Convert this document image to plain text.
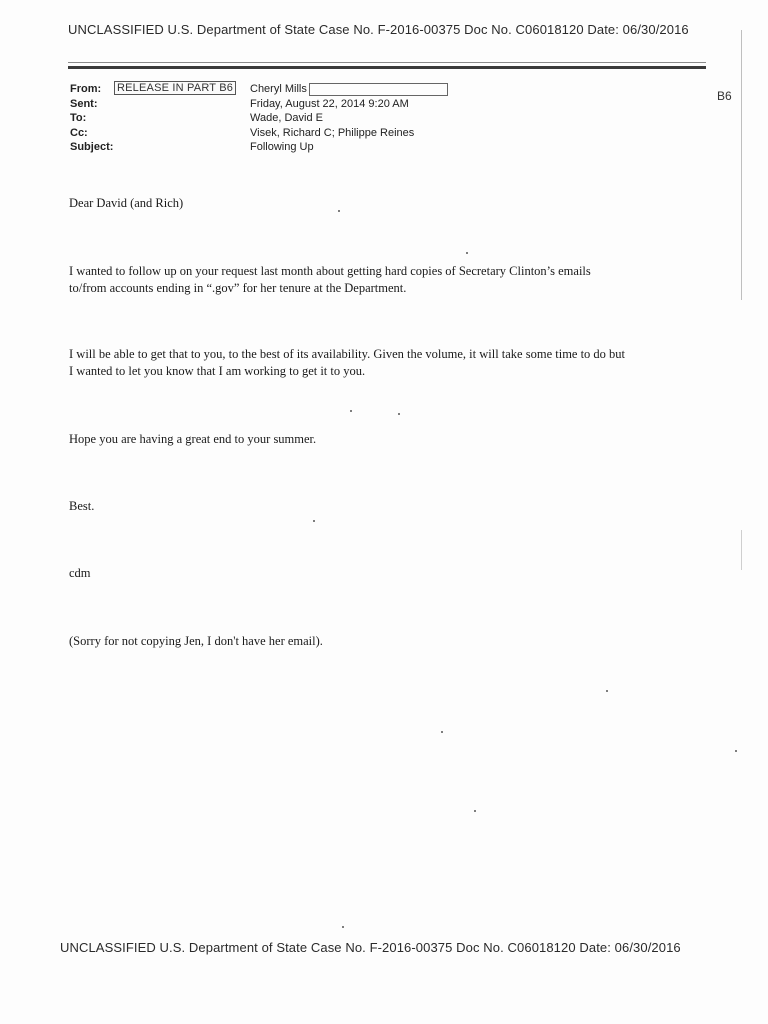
UNCLASSIFIED U.S. Department of State Case No. F-2016-00375 Doc No. C06018120 Date: 06/30/2016
From: RELEASE IN PART B6 Cheryl Mills
Sent:	Friday, August 22, 2014 9:20 AM
To:	Wade, David E
Cc:	Visek, Richard C; Philippe Reines
Subject:	Following Up
B6
Dear David (and Rich)
I wanted to follow up on your request last month about getting hard copies of Secretary Clinton’s emails
to/from accounts ending in “.gov” for her tenure at the Department.
I will be able to get that to you, to the best of its availability. Given the volume, it will take some time to do but
I wanted to let you know that I am working to get it to you.
Hope you are having a great end to your summer.
Best.
cdm
(Sorry for not copying Jen, I don't have her email).
UNCLASSIFIED U.S. Department of State Case No. F-2016-00375 Doc No. C06018120 Date: 06/30/2016
